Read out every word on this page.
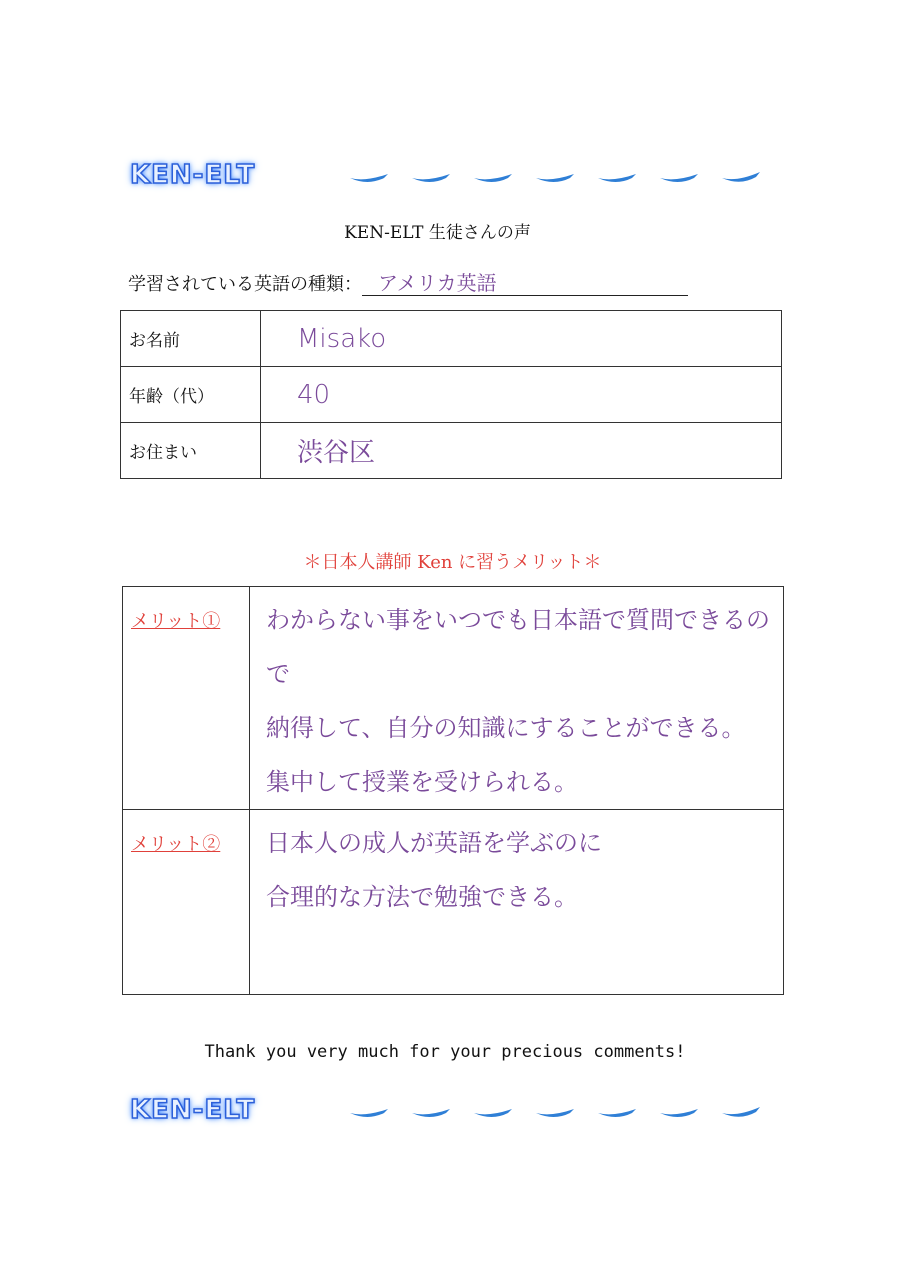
KEN-ELT
KEN-ELT 生徒さんの声
学習されている英語の種類： アメリカ英語
お名前	Misako
年齢（代）	40
お住まい	渋谷区
＊日本人講師 Ken に習うメリット＊
メリット①	わからない事をいつでも日本語で質問できるので
納得して、自分の知識にすることができる。
集中して授業を受けられる。

メリット②	日本人の成人が英語を学ぶのに
合理的な方法で勉強できる。
Thank you very much for your precious comments!
KEN-ELT
